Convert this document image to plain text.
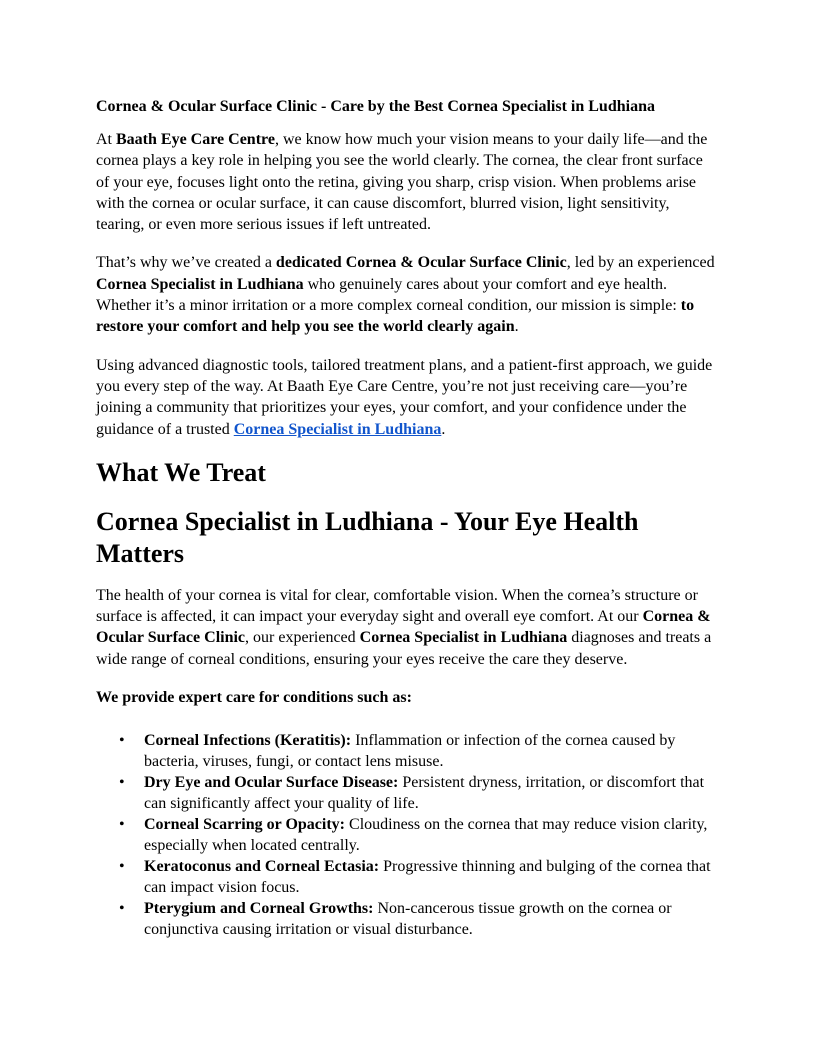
Cornea & Ocular Surface Clinic - Care by the Best Cornea Specialist in Ludhiana

At Baath Eye Care Centre, we know how much your vision means to your daily life—and the cornea plays a key role in helping you see the world clearly. The cornea, the clear front surface of your eye, focuses light onto the retina, giving you sharp, crisp vision. When problems arise with the cornea or ocular surface, it can cause discomfort, blurred vision, light sensitivity, tearing, or even more serious issues if left untreated.

That’s why we’ve created a dedicated Cornea & Ocular Surface Clinic, led by an experienced Cornea Specialist in Ludhiana who genuinely cares about your comfort and eye health. Whether it’s a minor irritation or a more complex corneal condition, our mission is simple: to restore your comfort and help you see the world clearly again.

Using advanced diagnostic tools, tailored treatment plans, and a patient-first approach, we guide you every step of the way. At Baath Eye Care Centre, you’re not just receiving care—you’re joining a community that prioritizes your eyes, your comfort, and your confidence under the guidance of a trusted Cornea Specialist in Ludhiana.

What We Treat
Cornea Specialist in Ludhiana - Your Eye Health Matters

The health of your cornea is vital for clear, comfortable vision. When the cornea’s structure or surface is affected, it can impact your everyday sight and overall eye comfort. At our Cornea & Ocular Surface Clinic, our experienced Cornea Specialist in Ludhiana diagnoses and treats a wide range of corneal conditions, ensuring your eyes receive the care they deserve.

We provide expert care for conditions such as:

• Corneal Infections (Keratitis): Inflammation or infection of the cornea caused by bacteria, viruses, fungi, or contact lens misuse.
• Dry Eye and Ocular Surface Disease: Persistent dryness, irritation, or discomfort that can significantly affect your quality of life.
• Corneal Scarring or Opacity: Cloudiness on the cornea that may reduce vision clarity, especially when located centrally.
• Keratoconus and Corneal Ectasia: Progressive thinning and bulging of the cornea that can impact vision focus.
• Pterygium and Corneal Growths: Non-cancerous tissue growth on the cornea or conjunctiva causing irritation or visual disturbance.
